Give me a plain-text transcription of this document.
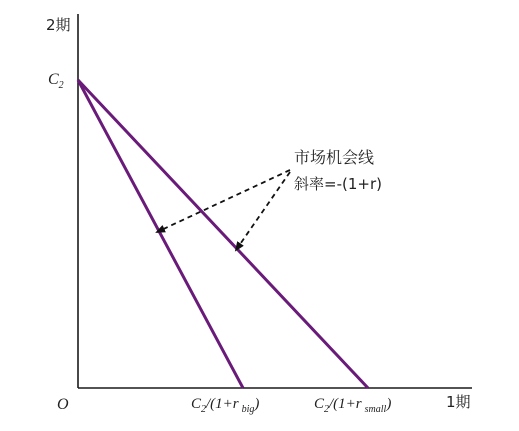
2期
1期
O
$C_2$
$C_2/(1+r$ $_{big}$)	$C_2/(1+r$ $_{small}$)
市场机会线
斜率=-(1+r)
